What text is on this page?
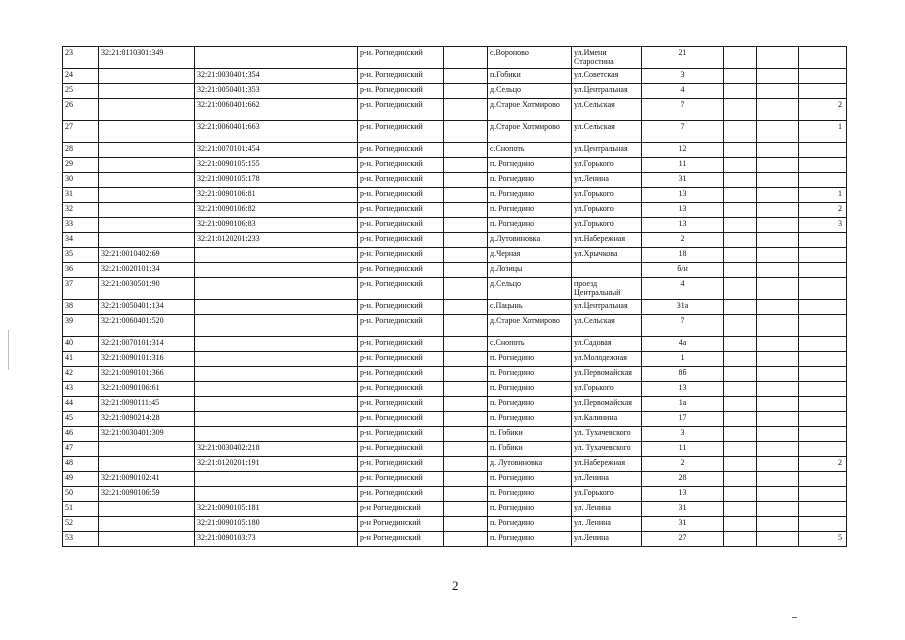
23	32:21:0110301:349		р-н. Рогнединский		с.Вороново	ул.Имени Старостина	21			
24		32:21:0030401:354	р-н. Рогнединский		п.Гобики	ул.Советская	3			
25		32:21:0050401:353	р-н. Рогнединский		д.Сельцо	ул.Центральная	4			
26		32:21:0060401:662	р-н. Рогнединский		д.Старое Хотмирово	ул.Сельская	7			2
27		32:21:0060401:663	р-н. Рогнединский		д.Старое Хотмирово	ул.Сельская	7			1
28		32:21:0070101:454	р-н. Рогнединский		с.Снопоть	ул.Центральная	12			
29		32:21:0090105:155	р-н. Рогнединский		п. Рогнедино	ул.Горького	11			
30		32:21:0090105:178	р-н. Рогнединский		п. Рогнедино	ул.Ленина	31			
31		32:21:0090106:81	р-н. Рогнединский		п. Рогнедино	ул.Горького	13			1
32		32:21:0090106:82	р-н. Рогнединский		п. Рогнедино	ул.Горького	13			2
33		32:21:0090106:83	р-н. Рогнединский		п. Рогнедино	ул.Горького	13			3
34		32:21:0120201:233	р-н. Рогнединский		д.Лутовиновка	ул.Набережная	2			
35	32:21:0010402:69		р-н. Рогнединский		д.Черная	ул.Хрычкова	18			
36	32:21:0020101:34		р-н. Рогнединский		д.Лозицы		б/н			
37	32:21:0030501:90		р-н. Рогнединский		д.Сельцо	проезд Центральный	4			
38	32:21:0050401:134		р-н. Рогнединский		с.Пацынь	ул.Центральная	31а			
39	32:21:0060401:520		р-н. Рогнединский		д.Старое Хотмирово	ул.Сельская	7			
40	32:21:0070101:314		р-н. Рогнединский		с.Снопоть	ул.Садовая	4а			
41	32:21:0090101:316		р-н. Рогнединский		п. Рогнедино	ул.Молодежная	1			
42	32:21:0090101:366		р-н. Рогнединский		п. Рогнедино	ул.Первомайская	8б			
43	32:21:0090106:61		р-н. Рогнединский		п. Рогнедино	ул.Горького	13			
44	32:21:0090111:45		р-н. Рогнединский		п. Рогнедино	ул.Первомайская	1а			
45	32:21:0090214:28		р-н. Рогнединский		п. Рогнедино	ул.Калинина	17			
46	32:21:0030401:309		р-н. Рогнединский		п. Гобики	ул. Тухачевского	3			
47		32:21:0030402:218	р-н. Рогнединский		п. Гобики	ул. Тухачевского	11			
48		32:21:0120201:191	р-н. Рогнединский		д. Лутовиновка	ул.Набережная	2			2
49	32:21:0090102:41		р-н. Рогнединский		п. Рогнедино	ул.Ленина	28			
50	32:21:0090106:59		р-н. Рогнединский		п. Рогнедино	ул.Горького	13			
51		32:21:0090105:181	р-н Рогнединский		п. Рогнедино	ул. Ленина	31			
52		32:21:0090105:180	р-н Рогнединский		п. Рогнедино	ул. Ленина	31			
53		32:21:0090103:73	р-н Рогнединский		п. Рогнедино	ул.Ленина	27			5
2
